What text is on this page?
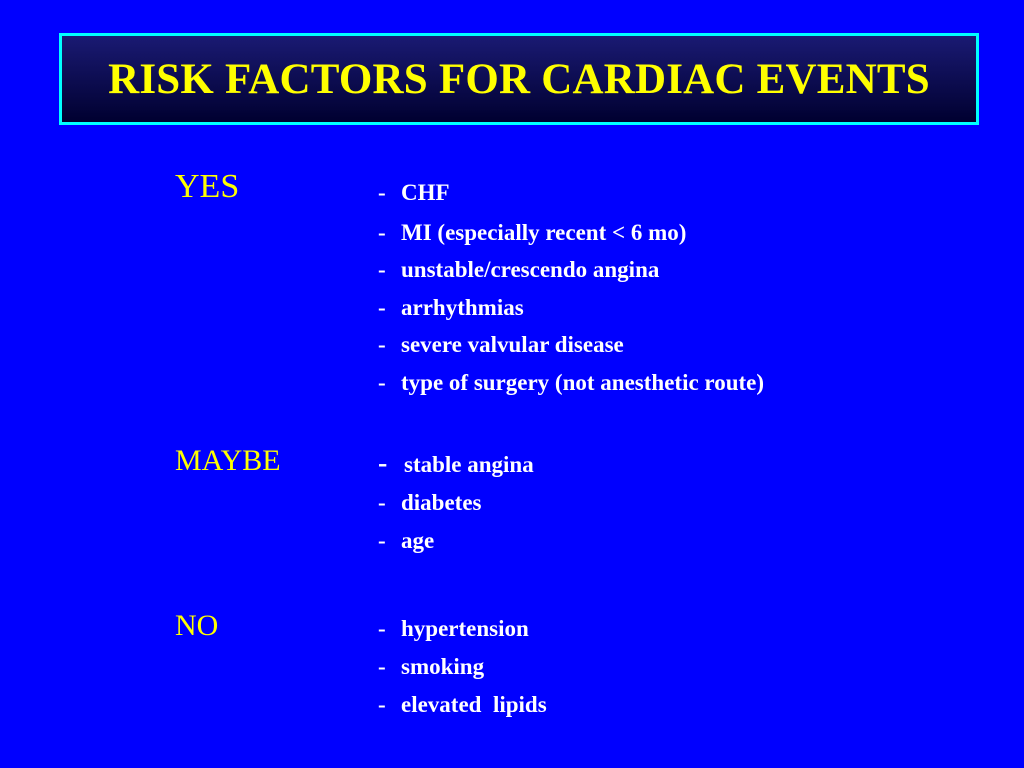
RISK FACTORS FOR CARDIAC EVENTS
YES	- CHF
- MI (especially recent < 6 mo)
- unstable/crescendo angina
- arrhythmias
- severe valvular disease
- type of surgery (not anesthetic route)
MAYBE	- stable angina
- diabetes
- age
NO	- hypertension
- smoking
- elevated  lipids
